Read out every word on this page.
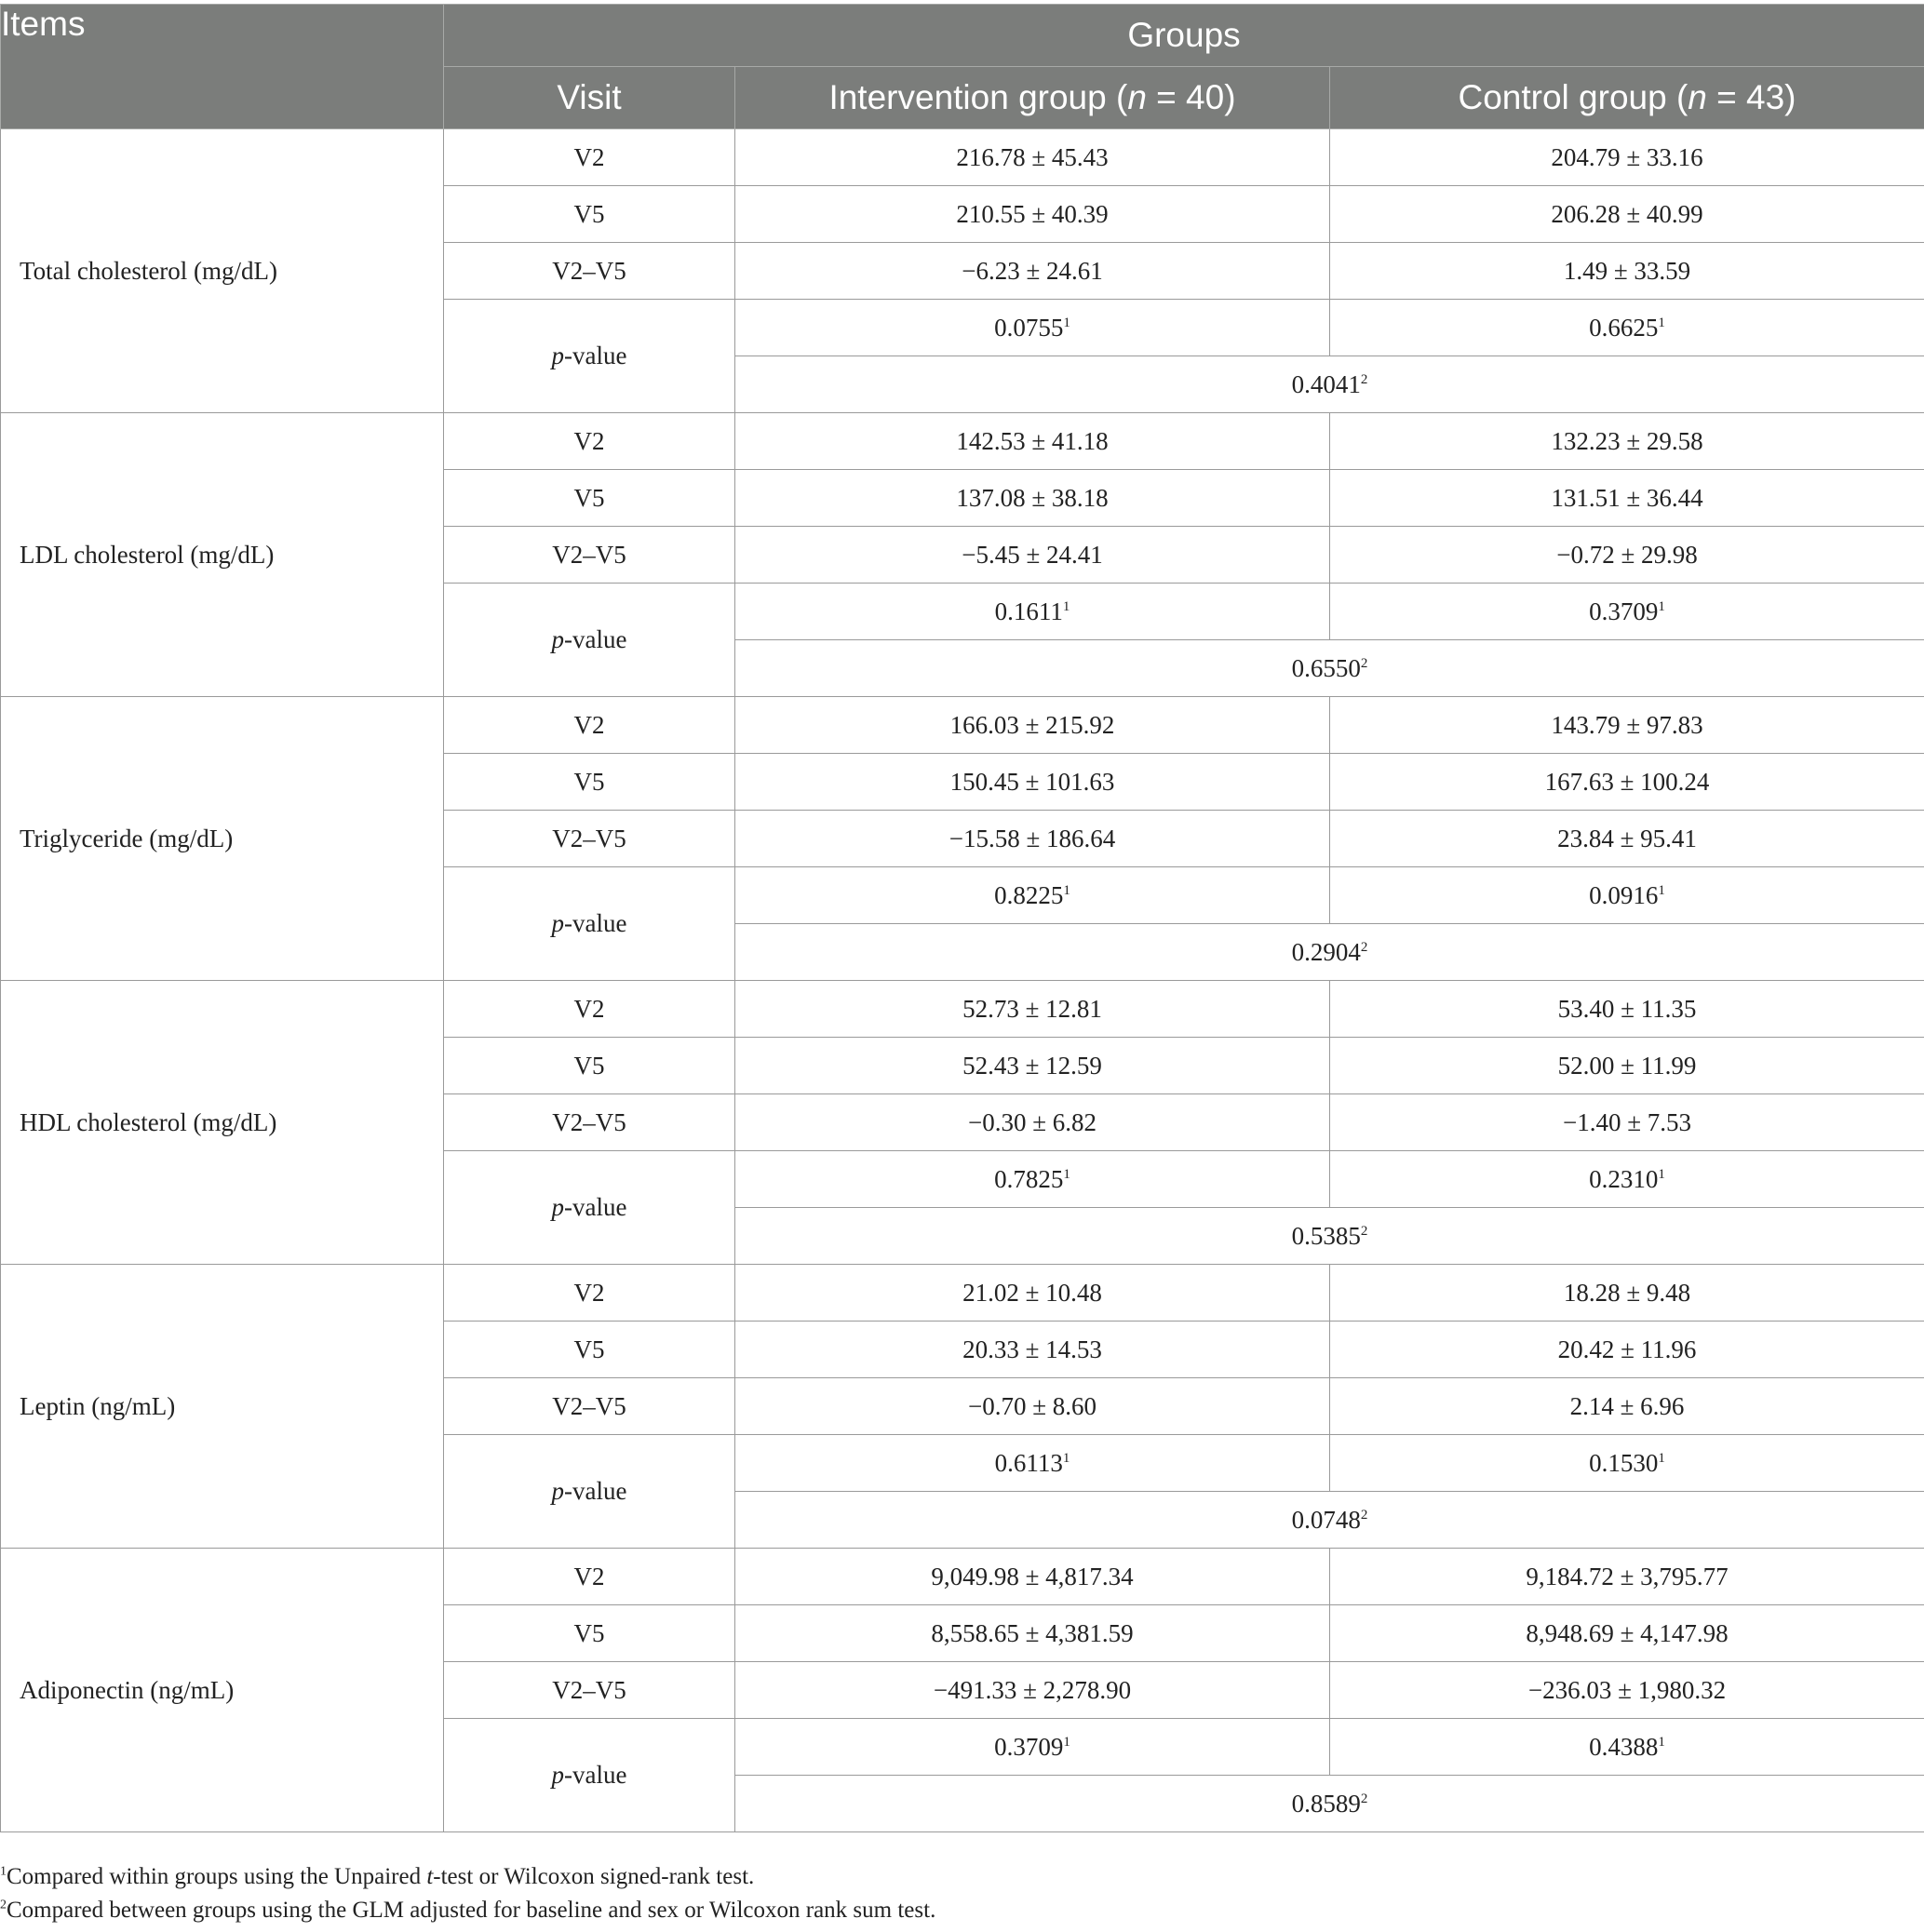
Items	Groups		
	Visit	Intervention group (n = 40)	Control group (n = 43)
Total cholesterol (mg/dL)	V2	216.78 ± 45.43	204.79 ± 33.16
	V5	210.55 ± 40.39	206.28 ± 40.99
	V2–V5	−6.23 ± 24.61	1.49 ± 33.59
	p-value	0.0755$^1$	0.6625$^1$
		0.4041$^2$
LDL cholesterol (mg/dL)	V2	142.53 ± 41.18	132.23 ± 29.58
	V5	137.08 ± 38.18	131.51 ± 36.44
	V2–V5	−5.45 ± 24.41	−0.72 ± 29.98
	p-value	0.1611$^1$	0.3709$^1$
		0.6550$^2$
Triglyceride (mg/dL)	V2	166.03 ± 215.92	143.79 ± 97.83
	V5	150.45 ± 101.63	167.63 ± 100.24
	V2–V5	−15.58 ± 186.64	23.84 ± 95.41
	p-value	0.8225$^1$	0.0916$^1$
		0.2904$^2$
HDL cholesterol (mg/dL)	V2	52.73 ± 12.81	53.40 ± 11.35
	V5	52.43 ± 12.59	52.00 ± 11.99
	V2–V5	−0.30 ± 6.82	−1.40 ± 7.53
	p-value	0.7825$^1$	0.2310$^1$
		0.5385$^2$
Leptin (ng/mL)	V2	21.02 ± 10.48	18.28 ± 9.48
	V5	20.33 ± 14.53	20.42 ± 11.96
	V2–V5	−0.70 ± 8.60	2.14 ± 6.96
	p-value	0.6113$^1$	0.1530$^1$
		0.0748$^2$
Adiponectin (ng/mL)	V2	9,049.98 ± 4,817.34	9,184.72 ± 3,795.77
	V5	8,558.65 ± 4,381.59	8,948.69 ± 4,147.98
	V2–V5	−491.33 ± 2,278.90	−236.03 ± 1,980.32
	p-value	0.3709$^1$	0.4388$^1$
		0.8589$^2$
$^1$Compared within groups using the Unpaired t-test or Wilcoxon signed-rank test.
$^2$Compared between groups using the GLM adjusted for baseline and sex or Wilcoxon rank sum test.
